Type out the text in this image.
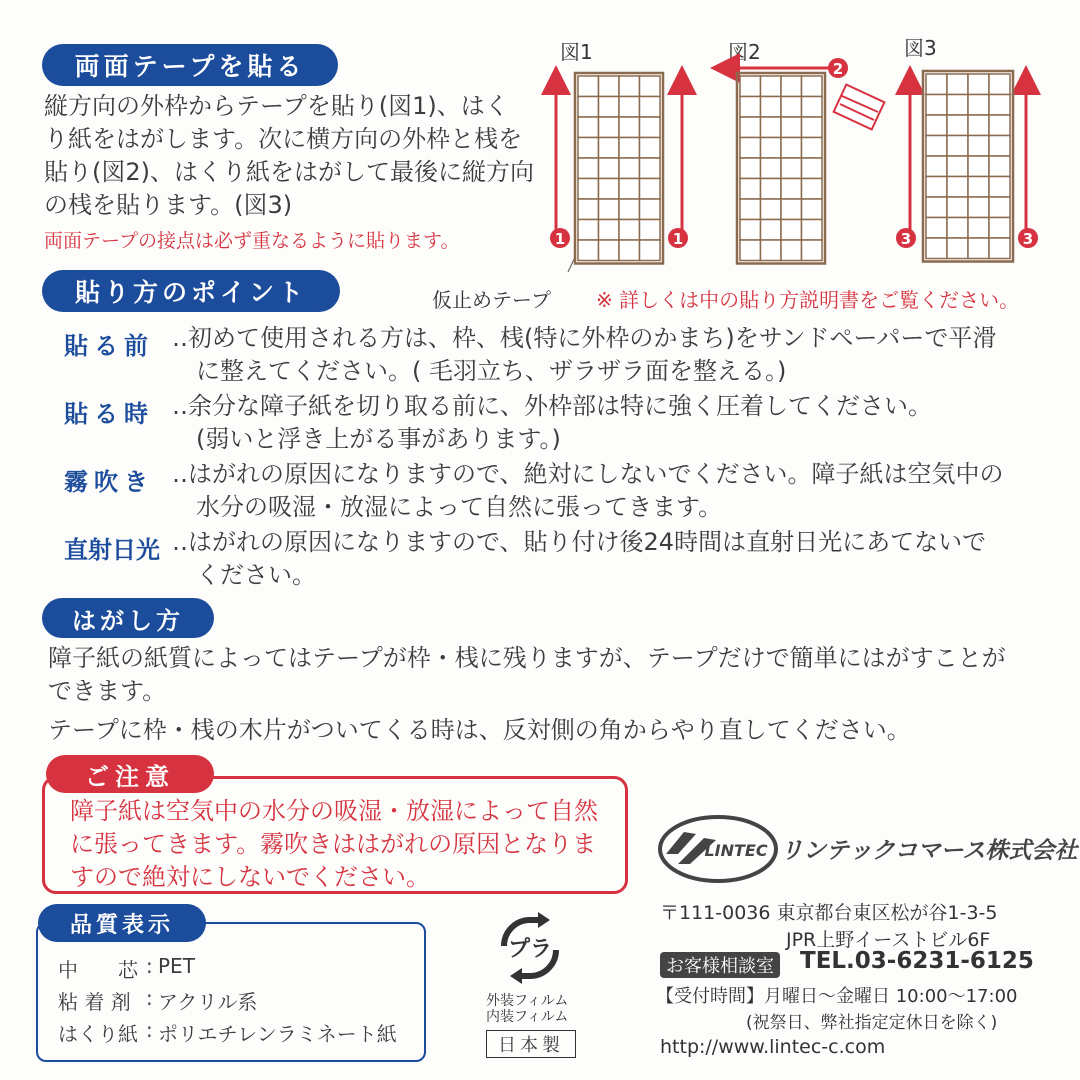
両面テープを貼る
縦方向の外枠からテープを貼り(図1)、はく
り紙をはがします。次に横方向の外枠と桟を
貼り(図2)、はくり紙をはがして最後に縦方向
の桟を貼ります。(図3)
両面テープの接点は必ず重なるように貼ります。
図1	図2	図3
1	1
2
3	3
仮止めテープ ※ 詳しくは中の貼り方説明書をご覧ください。
貼り方のポイント
貼る前 ‥初めて使用される方は、枠、桟(特に外枠のかまち)をサンドペーパーで平滑
に整えてください。( 毛羽立ち、ザラザラ面を整える。)
貼る時 ‥余分な障子紙を切り取る前に、外枠部は特に強く圧着してください。
(弱いと浮き上がる事があります。)
霧吹き ‥はがれの原因になりますので、絶対にしないでください。障子紙は空気中の
水分の吸湿・放湿によって自然に張ってきます。
直射日光 ‥はがれの原因になりますので、貼り付け後24時間は直射日光にあてないで
ください。
はがし方
障子紙の紙質によってはテープが枠・桟に残りますが、テープだけで簡単にはがすことが
できます。
テープに枠・桟の木片がついてくる時は、反対側の角からやり直してください。
ご注意
障子紙は空気中の水分の吸湿・放湿によって自然
に張ってきます。霧吹きははがれの原因となりま
すので絶対にしないでください。
品質表示
中　　芯 : PET
粘 着 剤 : アクリル系
はくり紙 : ポリエチレンラミネート紙
プラ
外装フィルム
内装フィルム
日本製
LINTEC リンテックコマース株式会社
〒111-0036 東京都台東区松が谷1-3-5
JPR上野イーストビル6F
お客様相談室 TEL.03-6231-6125
【受付時間】月曜日～金曜日 10:00～17:00
(祝祭日、弊社指定定休日を除く)
http://www.lintec-c.com
